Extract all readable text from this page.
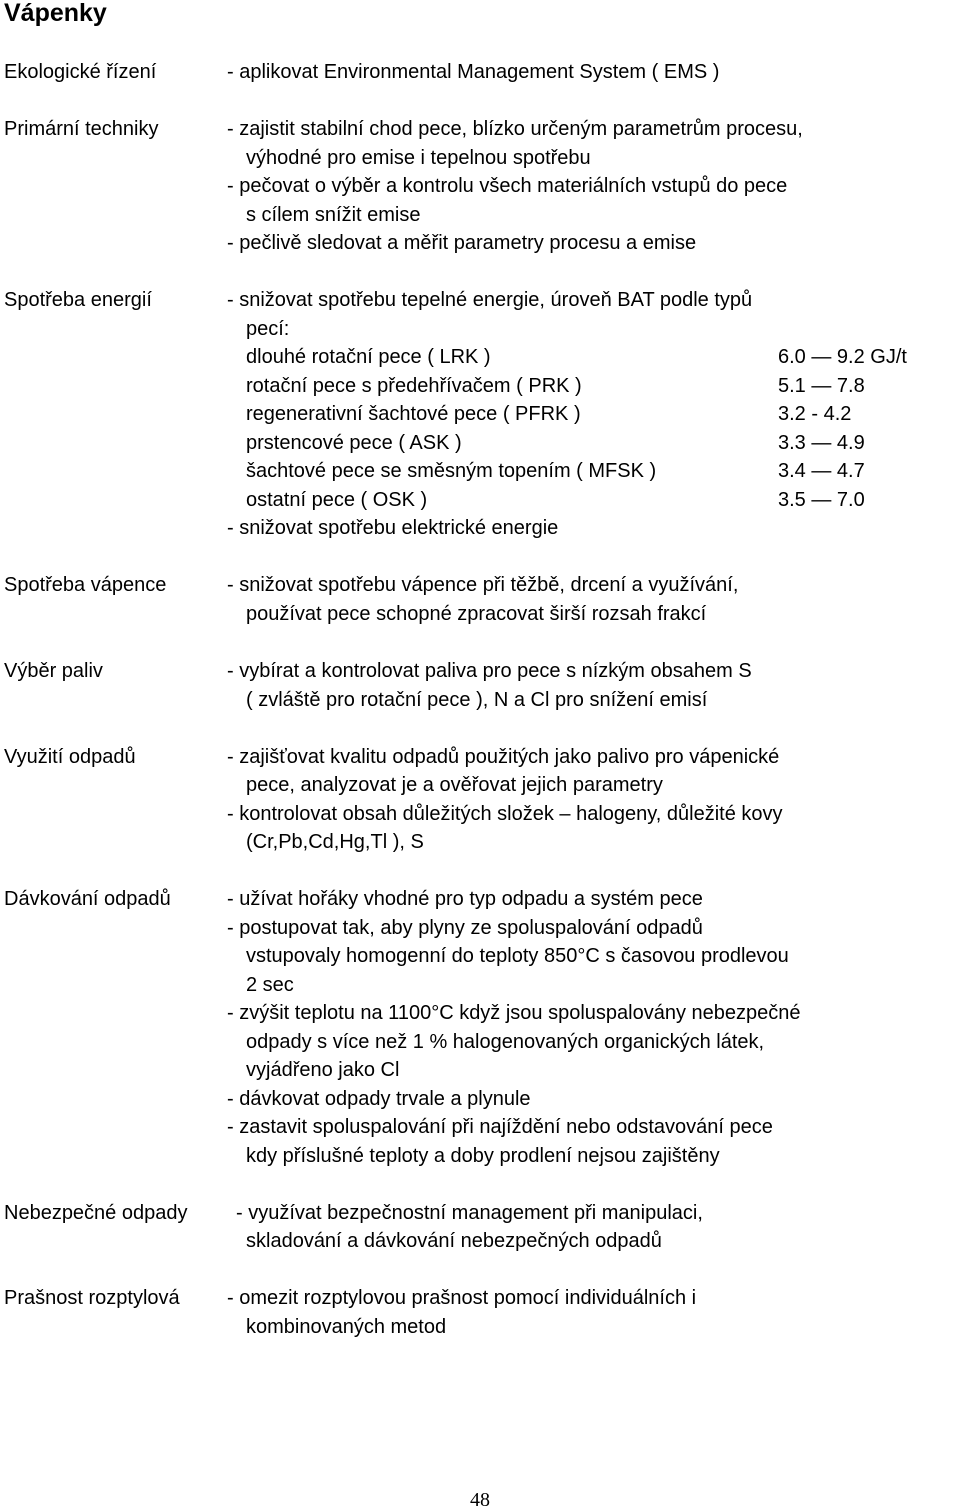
Vápenky
Ekologické řízení	- aplikovat Environmental Management System ( EMS )
Primární techniky	- zajistit stabilní chod pece, blízko určeným parametrům procesu,
výhodné pro emise i tepelnou spotřebu
- pečovat o výběr a kontrolu všech materiálních vstupů do pece
s cílem snížit emise
- pečlivě sledovat a měřit parametry procesu a emise
Spotřeba energií	- snižovat spotřebu tepelné energie, úroveň BAT podle typů
pecí:
dlouhé rotační pece ( LRK )	6.0 — 9.2 GJ/t
rotační pece s předehřívačem ( PRK )	5.1 — 7.8
regenerativní šachtové pece ( PFRK )	3.2 - 4.2
prstencové pece ( ASK )	3.3 — 4.9
šachtové pece se směsným topením ( MFSK )	3.4 — 4.7
ostatní pece ( OSK )	3.5 — 7.0
- snižovat spotřebu elektrické energie
Spotřeba vápence	- snižovat spotřebu vápence při těžbě, drcení a využívání,
používat pece schopné zpracovat širší rozsah frakcí
Výběr paliv	- vybírat a kontrolovat paliva pro pece s nízkým obsahem S
( zvláště pro rotační pece ), N a Cl pro snížení emisí
Využití odpadů	- zajišťovat kvalitu odpadů použitých jako palivo pro vápenické
pece, analyzovat je a ověřovat jejich parametry
- kontrolovat obsah důležitých složek – halogeny, důležité kovy
(Cr,Pb,Cd,Hg,Tl ), S
Dávkování odpadů	- užívat hořáky vhodné pro typ odpadu a systém pece
- postupovat tak, aby plyny ze spoluspalování odpadů
vstupovaly homogenní do teploty 850°C s časovou prodlevou
2 sec
- zvýšit teplotu na 1100°C když jsou spoluspalovány nebezpečné
odpady s více než 1 % halogenovaných organických látek,
vyjádřeno jako Cl
- dávkovat odpady trvale a plynule
- zastavit spoluspalování při najíždění nebo odstavování pece
kdy příslušné teploty a doby prodlení nejsou zajištěny
Nebezpečné odpady - využívat bezpečnostní management při manipulaci,
skladování a dávkování nebezpečných odpadů
Prašnost rozptylová - omezit rozptylovou prašnost pomocí individuálních i
kombinovaných metod
48
